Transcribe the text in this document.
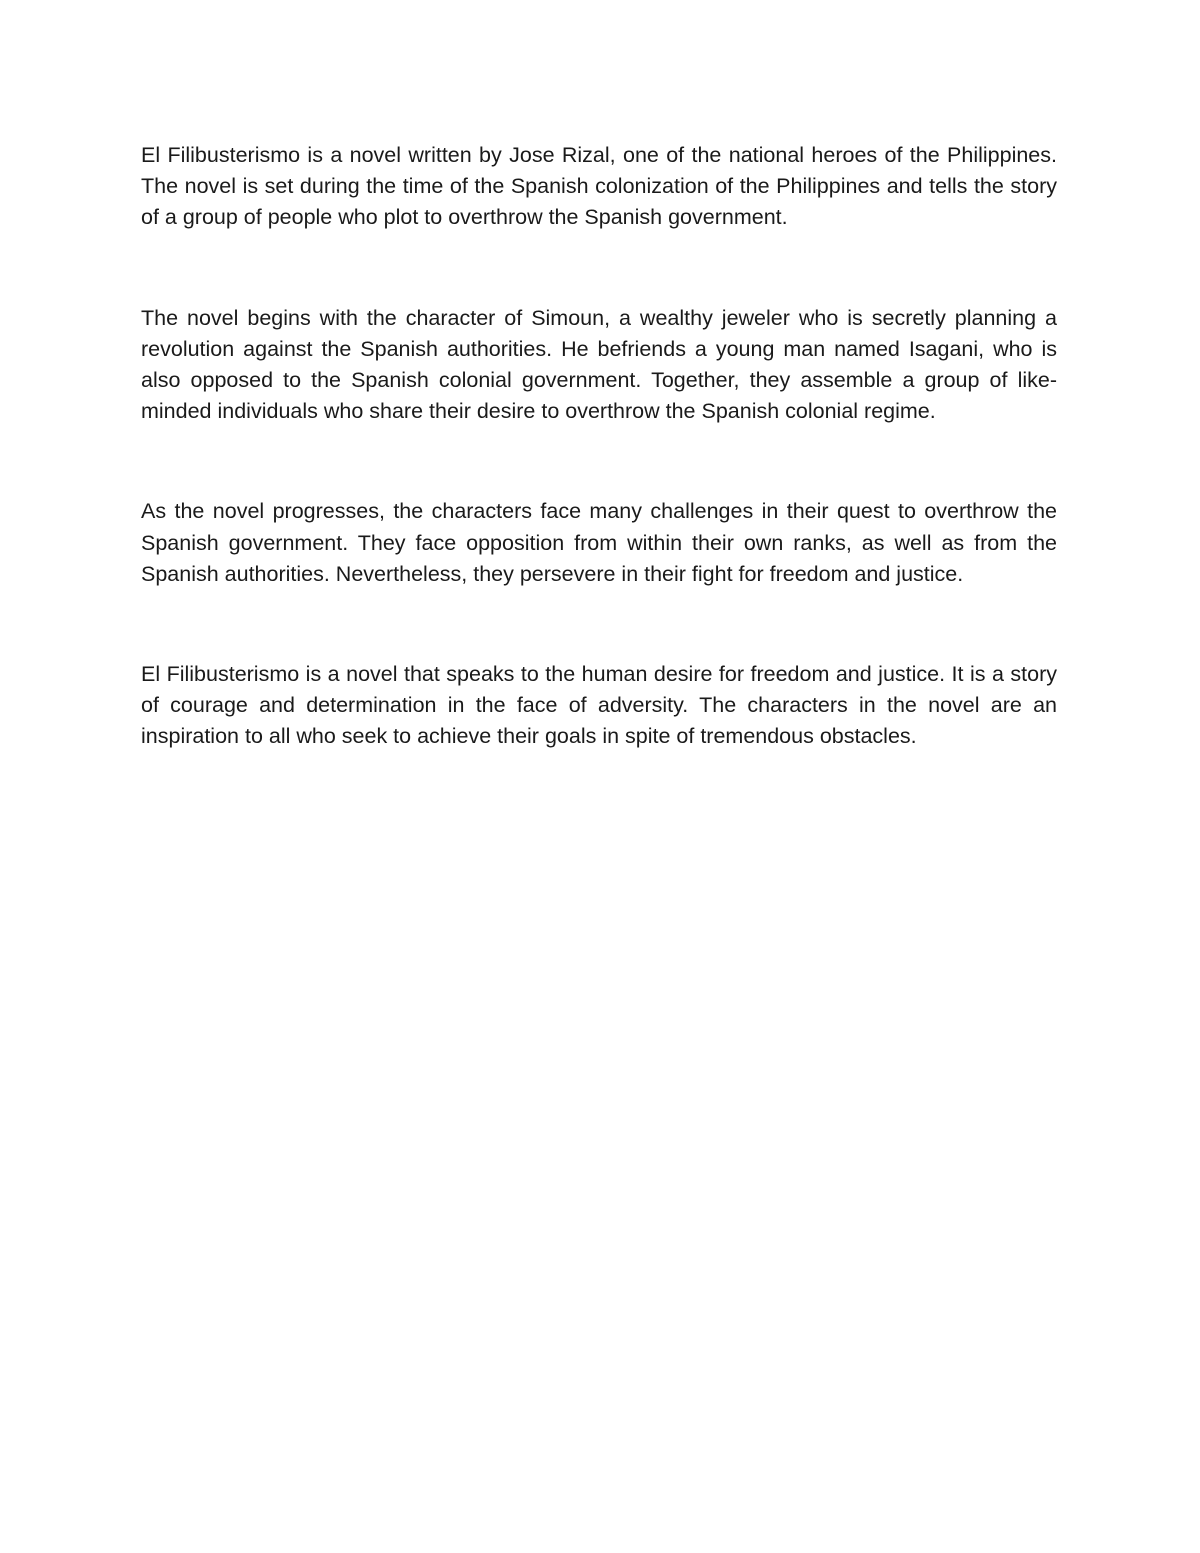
El Filibusterismo is a novel written by Jose Rizal, one of the national heroes of the Philippines. The novel is set during the time of the Spanish colonization of the Philippines and tells the story of a group of people who plot to overthrow the Spanish government.

The novel begins with the character of Simoun, a wealthy jeweler who is secretly planning a revolution against the Spanish authorities. He befriends a young man named Isagani, who is also opposed to the Spanish colonial government. Together, they assemble a group of like-minded individuals who share their desire to overthrow the Spanish colonial regime.

As the novel progresses, the characters face many challenges in their quest to overthrow the Spanish government. They face opposition from within their own ranks, as well as from the Spanish authorities. Nevertheless, they persevere in their fight for freedom and justice.

El Filibusterismo is a novel that speaks to the human desire for freedom and justice. It is a story of courage and determination in the face of adversity. The characters in the novel are an inspiration to all who seek to achieve their goals in spite of tremendous obstacles.
